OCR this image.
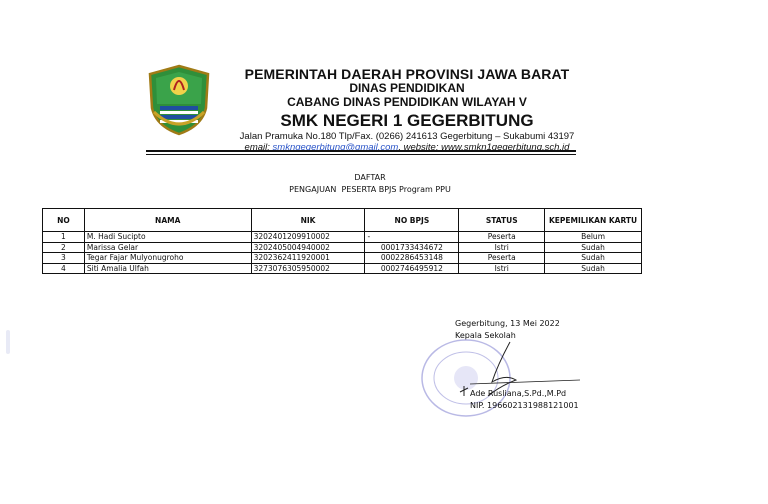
PEMERINTAH DAERAH PROVINSI JAWA BARAT
DINAS PENDIDIKAN
CABANG DINAS PENDIDIKAN WILAYAH V
SMK NEGERI 1 GEGERBITUNG
Jalan Pramuka No.180 Tlp/Fax. (0266) 241613 Gegerbitung – Sukabumi 43197
email: smkngegerbitung@gmail.com, website: www.smkn1gegerbitung.sch.id
DAFTAR
PENGAJUAN  PESERTA BPJS Program PPU
NO	NAMA	NIK	NO BPJS	STATUS	KEPEMILIKAN KARTU
1	M. Hadi Sucipto	3202401209910002	-	Peserta	Belum
2	Marissa Gelar	3202405004940002	0001733434672	Istri	Sudah
3	Tegar Fajar Mulyonugroho	3202362411920001	0002286453148	Peserta	Sudah
4	Siti Amalia Ulfah	3273076305950002	0002746495912	Istri	Sudah
Gegerbitung, 13 Mei 2022
Kepala Sekolah
Ade Rusliana,S.Pd.,M.Pd
NIP. 196602131988121001
